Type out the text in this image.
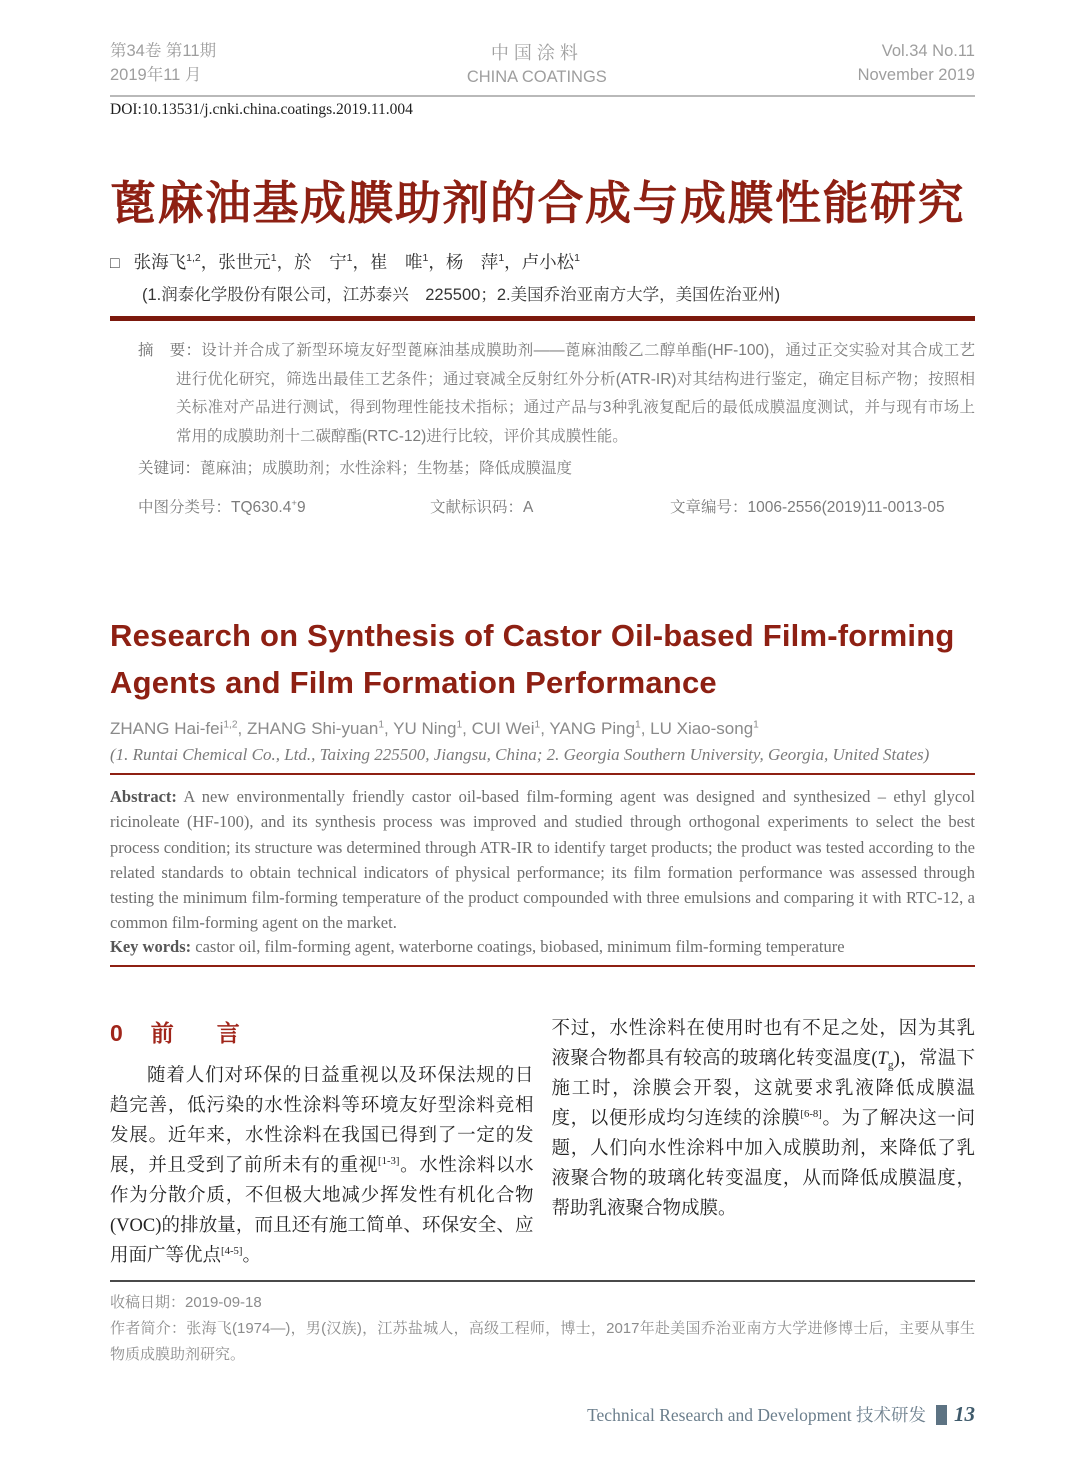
第34卷 第11期
2019年11 月
中国涂料
CHINA COATINGS
Vol.34 No.11
November 2019
DOI:10.13531/j.cnki.china.coatings.2019.11.004
蓖麻油基成膜助剂的合成与成膜性能研究
□ 张海飞$^{1,2}$，张世元$^1$，於　宁$^1$，崔　唯$^1$，杨　萍$^1$，卢小松$^1$
(1.润泰化学股份有限公司，江苏泰兴　225500；2.美国乔治亚南方大学，美国佐治亚州)
摘　要：设计并合成了新型环境友好型蓖麻油基成膜助剂——蓖麻油酸乙二醇单酯(HF-100)，通过正交实验对其合成工艺进行优化研究，筛选出最佳工艺条件；通过衰减全反射红外分析(ATR-IR)对其结构进行鉴定，确定目标产物；按照相关标准对产品进行测试，得到物理性能技术指标；通过产品与3种乳液复配后的最低成膜温度测试，并与现有市场上常用的成膜助剂十二碳醇酯(RTC-12)进行比较，评价其成膜性能。
关键词：蓖麻油；成膜助剂；水性涂料；生物基；降低成膜温度
中图分类号：TQ630.4+9	文献标识码：A	文章编号：1006-2556(2019)11-0013-05
Research on Synthesis of Castor Oil-based Film-forming Agents and Film Formation Performance
ZHANG Hai-fei$^{1,2}$, ZHANG Shi-yuan$^1$, YU Ning$^1$, CUI Wei$^1$, YANG Ping$^1$, LU Xiao-song$^1$
(1. Runtai Chemical Co., Ltd., Taixing 225500, Jiangsu, China; 2. Georgia Southern University, Georgia, United States)
Abstract: A new environmentally friendly castor oil-based film-forming agent was designed and synthesized – ethyl glycol ricinoleate (HF-100), and its synthesis process was improved and studied through orthogonal experiments to select the best process condition; its structure was determined through ATR-IR to identify target products; the product was tested according to the related standards to obtain technical indicators of physical performance; its film formation performance was assessed through testing the minimum film-forming temperature of the product compounded with three emulsions and comparing it with RTC-12, a common film-forming agent on the market.
Key words: castor oil, film-forming agent, waterborne coatings, biobased, minimum film-forming temperature
0 前　言

随着人们对环保的日益重视以及环保法规的日趋完善，低污染的水性涂料等环境友好型涂料竞相发展。近年来，水性涂料在我国已得到了一定的发展，并且受到了前所未有的重视[1-3]。水性涂料以水作为分散介质，不但极大地减少挥发性有机化合物(VOC)的排放量，而且还有施工简单、环保安全、应用面广等优点[4-5]。

不过，水性涂料在使用时也有不足之处，因为其乳液聚合物都具有较高的玻璃化转变温度$(T_g)$，常温下施工时，涂膜会开裂，这就要求乳液降低成膜温度，以便形成均匀连续的涂膜[6-8]。为了解决这一问题，人们向水性涂料中加入成膜助剂，来降低了乳液聚合物的玻璃化转变温度，从而降低成膜温度，帮助乳液聚合物成膜。

收稿日期：2019-09-18
作者简介：张海飞(1974—)，男(汉族)，江苏盐城人，高级工程师，博士，2017年赴美国乔治亚南方大学进修博士后，主要从事生物质成膜助剂研究。
Technical Research and Development 技术研发 13
